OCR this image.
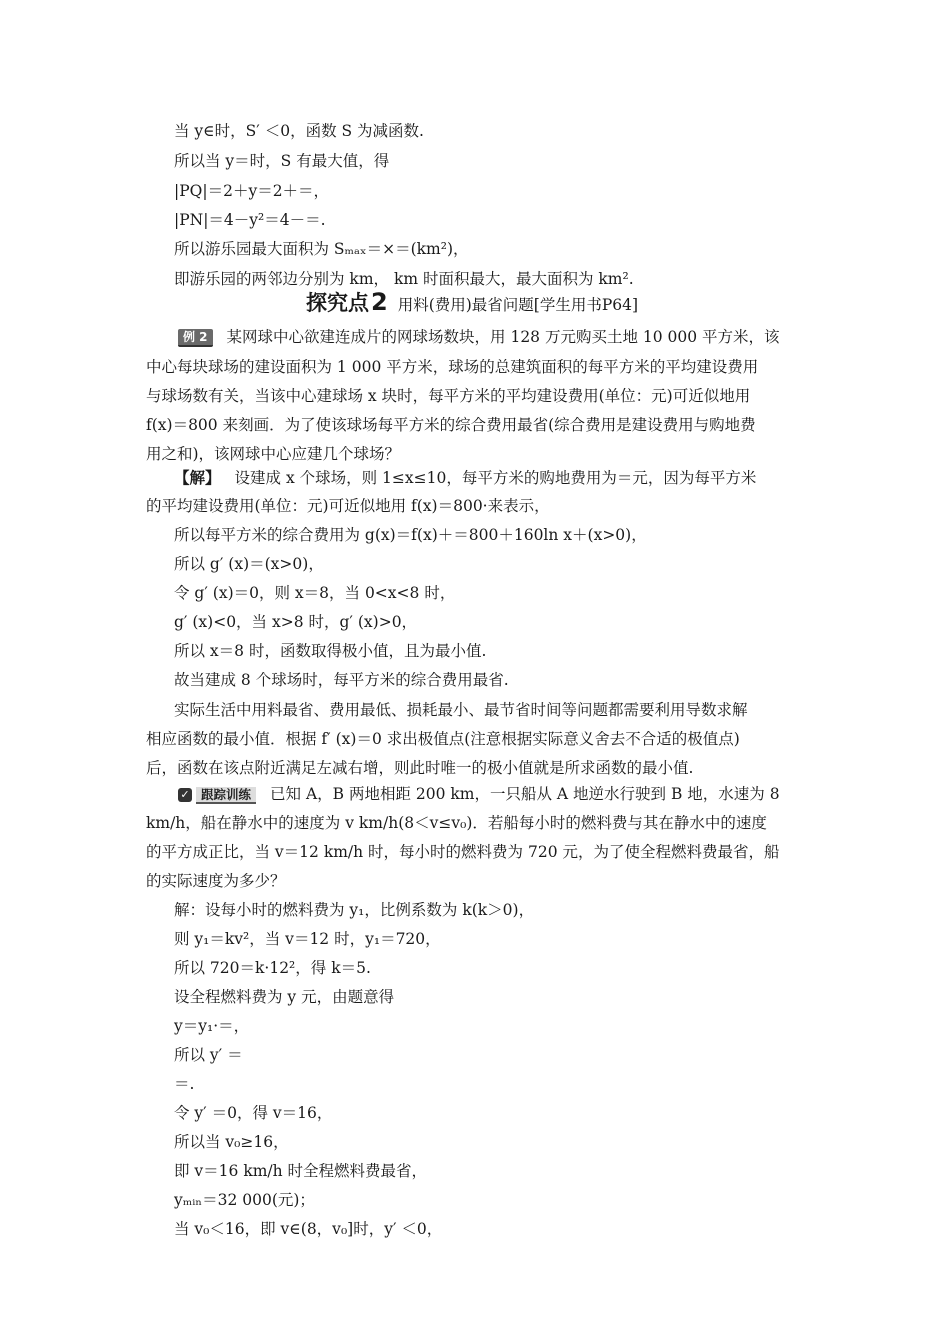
当 y∈时，S′ ＜0，函数 S 为减函数.
所以当 y＝时，S 有最大值，得
|PQ|＝2＋y＝2＋＝，
|PN|＝4－y²＝4－＝.
所以游乐园最大面积为 Sₘₐₓ＝×＝(km²)，
即游乐园的两邻边分别为 km， km 时面积最大，最大面积为 km².
探究点2 用料(费用)最省问题[学生用书P64]
例 2 某网球中心欲建连成片的网球场数块，用 128 万元购买土地 10 000 平方米，该
中心每块球场的建设面积为 1 000 平方米，球场的总建筑面积的每平方米的平均建设费用
与球场数有关，当该中心建球场 x 块时，每平方米的平均建设费用(单位：元)可近似地用
f(x)＝800 来刻画．为了使该球场每平方米的综合费用最省(综合费用是建设费用与购地费
用之和)，该网球中心应建几个球场？
【解】 设建成 x 个球场，则 1≤x≤10，每平方米的购地费用为＝元，因为每平方米
的平均建设费用(单位：元)可近似地用 f(x)＝800·来表示，
所以每平方米的综合费用为 g(x)＝f(x)＋＝800＋160ln x＋(x>0)，
所以 g′ (x)＝(x>0)，
令 g′ (x)＝0，则 x＝8，当 0<x<8 时，
g′ (x)<0，当 x>8 时，g′ (x)>0，
所以 x＝8 时，函数取得极小值，且为最小值.
故当建成 8 个球场时，每平方米的综合费用最省.
实际生活中用料最省、费用最低、损耗最小、最节省时间等问题都需要利用导数求解
相应函数的最小值．根据 f′ (x)＝0 求出极值点(注意根据实际意义舍去不合适的极值点)
后，函数在该点附近满足左减右增，则此时唯一的极小值就是所求函数的最小值.
✓ 跟踪训练	已知 A，B 两地相距 200 km，一只船从 A 地逆水行驶到 B 地，水速为 8
km/h，船在静水中的速度为 v km/h(8＜v≤v₀)．若船每小时的燃料费与其在静水中的速度
的平方成正比，当 v＝12 km/h 时，每小时的燃料费为 720 元，为了使全程燃料费最省，船
的实际速度为多少？
解：设每小时的燃料费为 y₁，比例系数为 k(k＞0)，
则 y₁＝kv²，当 v＝12 时，y₁＝720，
所以 720＝k·12²，得 k＝5.
设全程燃料费为 y 元，由题意得
y＝y₁·＝，
所以 y′ ＝
＝.
令 y′ ＝0，得 v＝16，
所以当 v₀≥16，
即 v＝16 km/h 时全程燃料费最省，
yₘᵢₙ＝32 000(元)；
当 v₀＜16，即 v∈(8，v₀]时，y′ ＜0，
